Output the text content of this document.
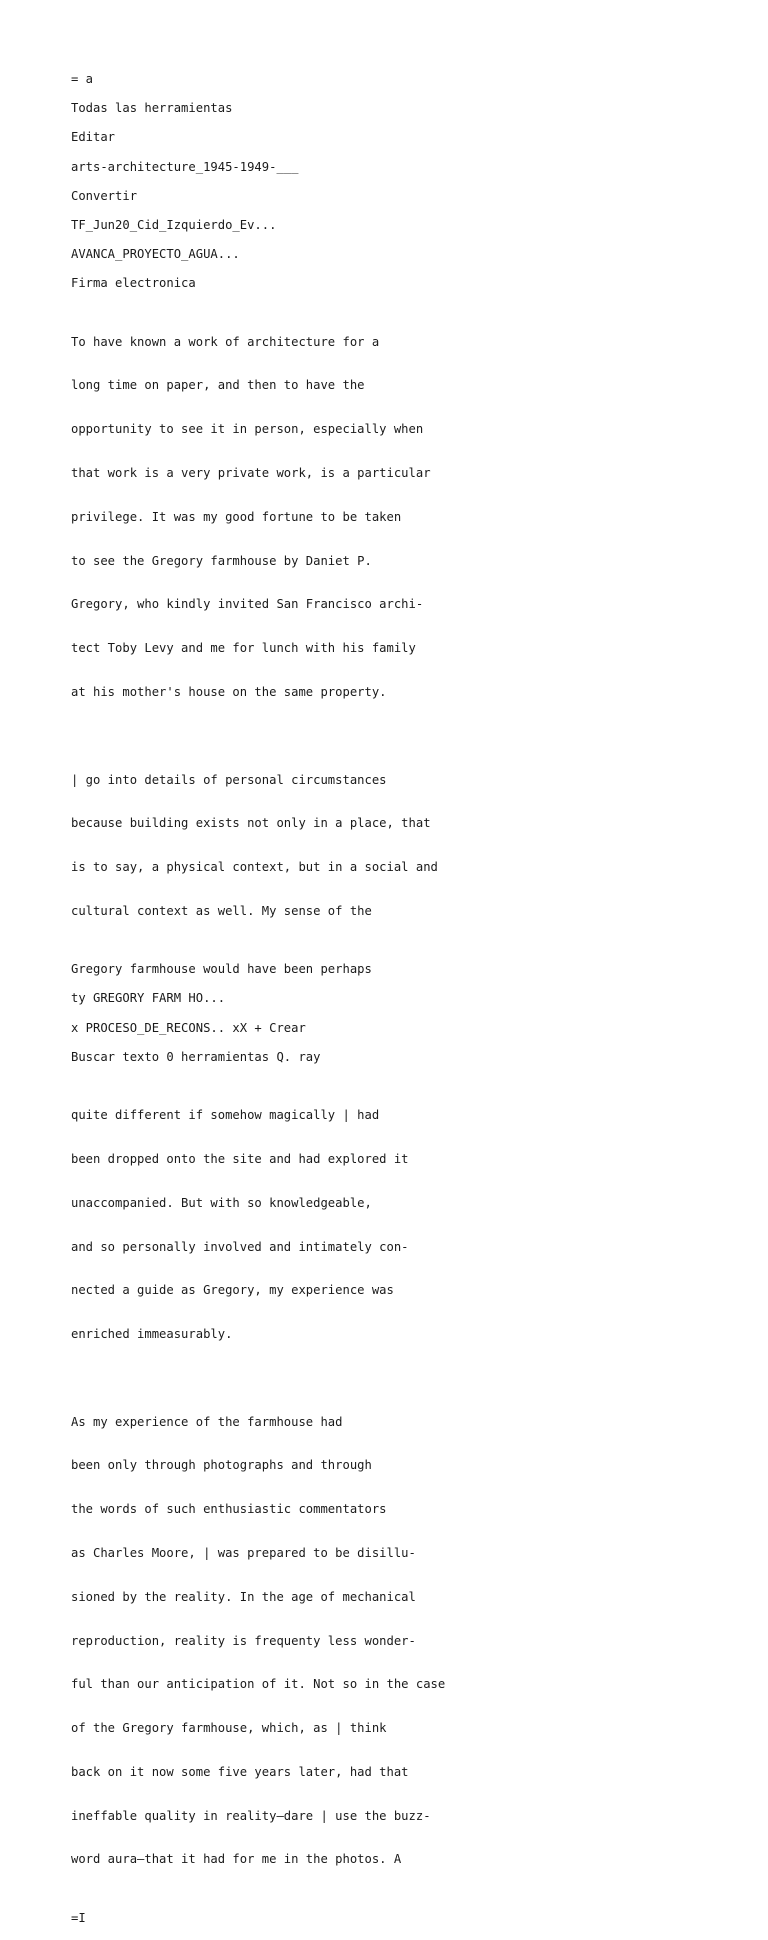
= a
Todas las herramientas
Editar
arts-architecture_1945-1949-___
Convertir
TF_Jun20_Cid_Izquierdo_Ev...
AVANCA_PROYECTO_AGUA...
Firma electronica

To have known a work of architecture for a

long time on paper, and then to have the

opportunity to see it in person, especially when

that work is a very private work, is a particular

privilege. It was my good fortune to be taken

to see the Gregory farmhouse by Daniet P.

Gregory, who kindly invited San Francisco archi-

tect Toby Levy and me for lunch with his family

at his mother's house on the same property.

| go into details of personal circumstances

because building exists not only in a place, that

is to say, a physical context, but in a social and

cultural context as well. My sense of the

Gregory farmhouse would have been perhaps
ty GREGORY FARM HO...
x PROCESO_DE_RECONS.. xX + Crear
Buscar texto 0 herramientas Q. ray

quite different if somehow magically | had

been dropped onto the site and had explored it

unaccompanied. But with so knowledgeable,

and so personally involved and intimately con-

nected a guide as Gregory, my experience was

enriched immeasurably.

As my experience of the farmhouse had

been only through photographs and through

the words of such enthusiastic commentators

as Charles Moore, | was prepared to be disillu-

sioned by the reality. In the age of mechanical

reproduction, reality is frequenty less wonder-

ful than our anticipation of it. Not so in the case

of the Gregory farmhouse, which, as | think

back on it now some five years later, had that

ineffable quality in reality—dare | use the buzz-

word aura—that it had for me in the photos. A

=I
